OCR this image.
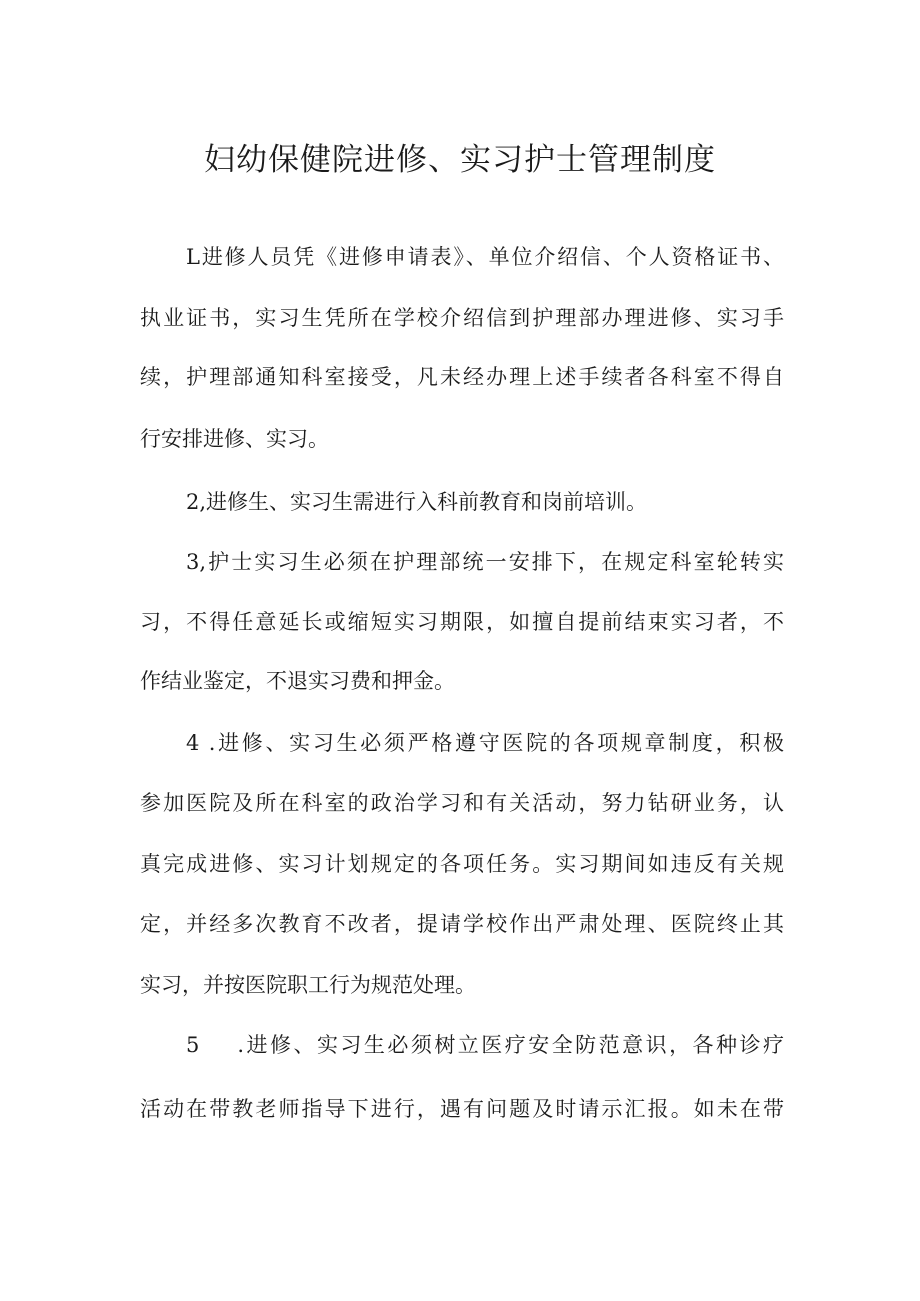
妇幼保健院进修、实习护士管理制度

L进修人员凭《进修申请表》、单位介绍信、个人资格证书、

执业证书，实习生凭所在学校介绍信到护理部办理进修、实习手

续，护理部通知科室接受，凡未经办理上述手续者各科室不得自

行安排进修、实习。

2,进修生、实习生需进行入科前教育和岗前培训。

3,护士实习生必须在护理部统一安排下，在规定科室轮转实

习，不得任意延长或缩短实习期限，如擅自提前结束实习者，不

作结业鉴定，不退实习费和押金。

4 .进修、实习生必须严格遵守医院的各项规章制度，积极

参加医院及所在科室的政治学习和有关活动，努力钻研业务，认

真完成进修、实习计划规定的各项任务。实习期间如违反有关规

定，并经多次教育不改者，提请学校作出严肃处理、医院终止其

实习，并按医院职工行为规范处理。

5 .进修、实习生必须树立医疗安全防范意识，各种诊疗

活动在带教老师指导下进行，遇有问题及时请示汇报。如未在带
